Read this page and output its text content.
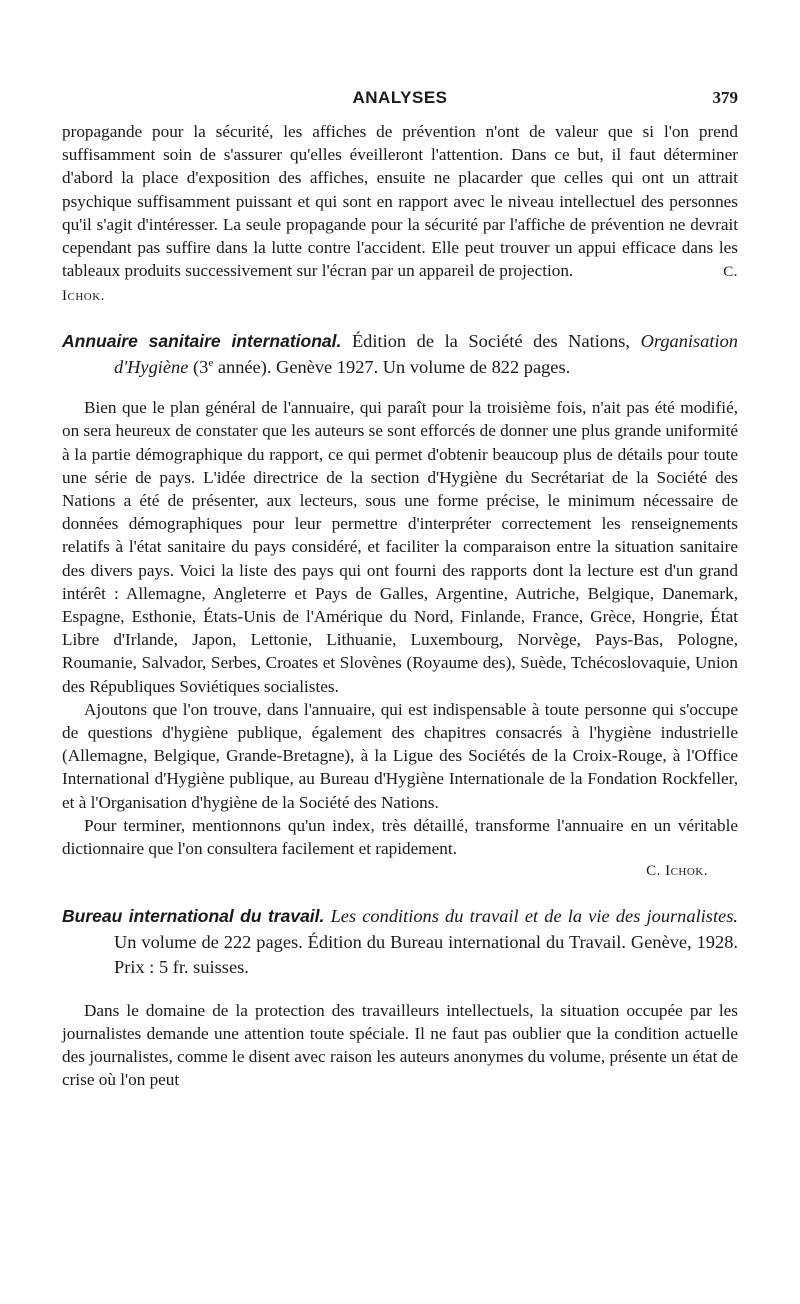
ANALYSES	379

propagande pour la sécurité, les affiches de prévention n'ont de valeur que si l'on prend suffisamment soin de s'assurer qu'elles éveilleront l'attention. Dans ce but, il faut déterminer d'abord la place d'exposition des affiches, ensuite ne placarder que celles qui ont un attrait psychique suffisamment puissant et qui sont en rapport avec le niveau intellectuel des personnes qu'il s'agit d'intéresser. La seule propagande pour la sécurité par l'affiche de prévention ne devrait cependant pas suffire dans la lutte contre l'accident. Elle peut trouver un appui efficace dans les tableaux produits successivement sur l'écran par un appareil de projection.	C. Ichok.

Annuaire sanitaire international. Édition de la Société des Nations, Organisation d'Hygiène (3e année). Genève 1927. Un volume de 822 pages.

Bien que le plan général de l'annuaire, qui paraît pour la troisième fois, n'ait pas été modifié, on sera heureux de constater que les auteurs se sont efforcés de donner une plus grande uniformité à la partie démographique du rapport, ce qui permet d'obtenir beaucoup plus de détails pour toute une série de pays. L'idée directrice de la section d'Hygiène du Secrétariat de la Société des Nations a été de présenter, aux lecteurs, sous une forme précise, le minimum nécessaire de données démographiques pour leur permettre d'interpréter correctement les renseignements relatifs à l'état sanitaire du pays considéré, et faciliter la comparaison entre la situation sanitaire des divers pays. Voici la liste des pays qui ont fourni des rapports dont la lecture est d'un grand intérêt : Allemagne, Angleterre et Pays de Galles, Argentine, Autriche, Belgique, Danemark, Espagne, Esthonie, États-Unis de l'Amérique du Nord, Finlande, France, Grèce, Hongrie, État Libre d'Irlande, Japon, Lettonie, Lithuanie, Luxembourg, Norvège, Pays-Bas, Pologne, Roumanie, Salvador, Serbes, Croates et Slovènes (Royaume des), Suède, Tchécoslovaquie, Union des Républiques Soviétiques socialistes.

Ajoutons que l'on trouve, dans l'annuaire, qui est indispensable à toute personne qui s'occupe de questions d'hygiène publique, également des chapitres consacrés à l'hygiène industrielle (Allemagne, Belgique, Grande-Bretagne), à la Ligue des Sociétés de la Croix-Rouge, à l'Office International d'Hygiène publique, au Bureau d'Hygiène Internationale de la Fondation Rockfeller, et à l'Organisation d'hygiène de la Société des Nations.

Pour terminer, mentionnons qu'un index, très détaillé, transforme l'annuaire en un véritable dictionnaire que l'on consultera facilement et rapidement.

C. Ichok.
Bureau international du travail. Les conditions du travail et de la vie des journalistes. Un volume de 222 pages. Édition du Bureau international du Travail. Genève, 1928. Prix : 5 fr. suisses.

Dans le domaine de la protection des travailleurs intellectuels, la situation occupée par les journalistes demande une attention toute spéciale. Il ne faut pas oublier que la condition actuelle des journalistes, comme le disent avec raison les auteurs anonymes du volume, présente un état de crise où l'on peut
